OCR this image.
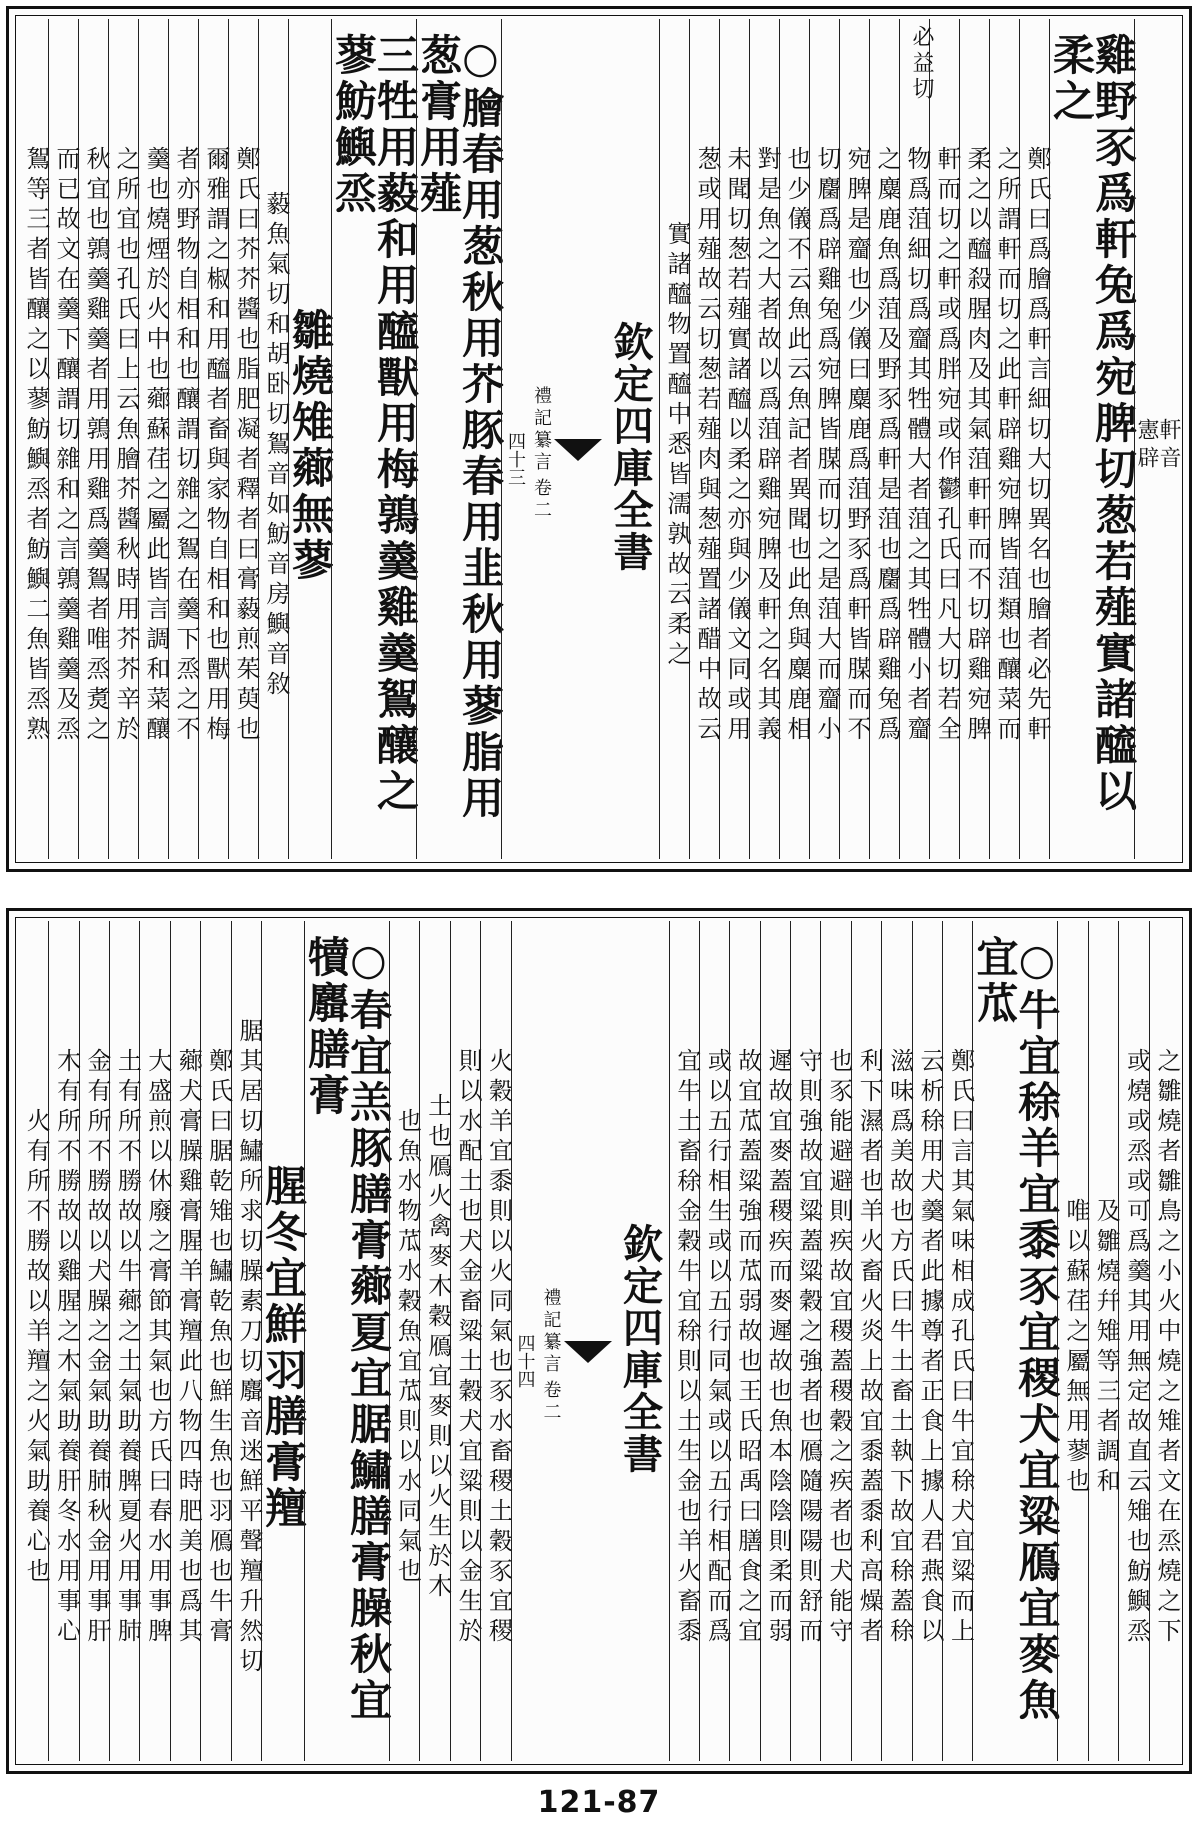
軒音
憲辟
雞野豕爲軒兔爲宛脾切葱若薤實諸醯以柔之
鄭氏曰爲膾爲軒言細切大切異名也膾者必先軒
之所謂軒而切之此軒辟雞宛脾皆菹類也釀菜而
柔之以醯殺腥肉及其氣菹軒軒而不切辟雞宛脾
軒而切之軒或爲胖宛或作鬱孔氏曰凡大切若全
物爲菹細切爲齏其牲體大者菹之其牲體小者齏
之麋鹿魚爲菹及野豕爲軒是菹也麕爲辟雞兔爲
宛脾是齏也少儀曰麋鹿爲菹野豕爲軒皆腜而不
切麕爲辟雞兔爲宛脾皆腜而切之是菹大而齏小
也少儀不云魚此云魚記者異聞也此魚與麋鹿相
對是魚之大者故以爲菹辟雞宛脾及軒之名其義
未聞切葱若薤實諸醯以柔之亦與少儀文同或用
葱或用薤故云切葱若薤肉與葱薤置諸醋中故云
實諸醯物置醯中悉皆濡孰故云柔之
欽定四庫全書
禮記纂言
卷二
四十三
○膾春用葱秋用芥豚春用韭秋用蓼脂用葱膏用薤
三牲用藙和用醯獸用梅鶉羹雞羹鴽釀之蓼魴鱮烝
雛燒雉薌無蓼
藙魚氣切和胡卧切鴽音如魴音房鱮音敘
鄭氏曰芥芥醬也脂肥凝者釋者曰膏藙煎茱萸也
爾雅謂之椒和用醯者畜與家物自相和也獸用梅
者亦野物自相和也釀謂切雜之鴽在羹下烝之不
羹也燒煙於火中也薌蘇荏之屬此皆言調和菜釀
之所宜也孔氏曰上云魚膾芥醬秋時用芥芥辛於
秋宜也鶉羹雞羹者用鶉用雞爲羹鴽者唯烝煑之
而已故文在羹下釀謂切雜和之言鶉羹雞羹及烝
鴽等三者皆釀之以蓼魴鱮烝者魴鱮二魚皆烝熟
必益切
之雛燒者雛鳥之小火中燒之雉者文在烝燒之下
或燒或烝或可爲羹其用無定故直云雉也魴鱮烝
及雛燒幷雉等三者調和
唯以蘇荏之屬無用蓼也
○牛宜稌羊宜黍豕宜稷犬宜粱鴈宜麥魚宜苽
鄭氏曰言其氣味相成孔氏曰牛宜稌犬宜粱而上
云析稌用犬羹者此據尊者正食上據人君燕食以
滋味爲美故也方氏曰牛土畜土執下故宜稌蓋稌
利下濕者也羊火畜火炎上故宜黍蓋黍利高燥者
也豕能避避則疾故宜稷蓋稷穀之疾者也犬能守
守則強故宜粱蓋粱穀之強者也鴈隨陽陽則舒而
遲故宜麥蓋稷疾而麥遲故也魚本陰陰則柔而弱
故宜苽蓋粱強而苽弱故也王氏昭禹曰膳食之宜
或以五行相生或以五行同氣或以五行相配而爲
宜牛土畜稌金穀牛宜稌則以土生金也羊火畜黍
欽定四庫全書
禮記纂言
卷二
四十四
火穀羊宜黍則以火同氣也豕水畜稷土穀豕宜稷
則以水配土也犬金畜粱土穀犬宜粱則以金生於
土也鴈火禽麥木穀鴈宜麥則以火生於木
也魚水物苽水穀魚宜苽則以水同氣也
○春宜羔豚膳膏薌夏宜腒鱐膳膏臊秋宜犢麛膳膏
腥冬宜鮮羽膳膏羶
腒其居切鱐所求切臊素刀切麛音迷鮮平聲羶升然切
鄭氏曰腒乾雉也鱐乾魚也鮮生魚也羽鴈也牛膏
薌犬膏臊雞膏腥羊膏羶此八物四時肥美也爲其
大盛煎以休廢之膏節其氣也方氏曰春水用事脾
土有所不勝故以牛薌之土氣助養脾夏火用事肺
金有所不勝故以犬臊之金氣助養肺秋金用事肝
木有所不勝故以雞腥之木氣助養肝冬水用事心
火有所不勝故以羊羶之火氣助養心也
121-87
